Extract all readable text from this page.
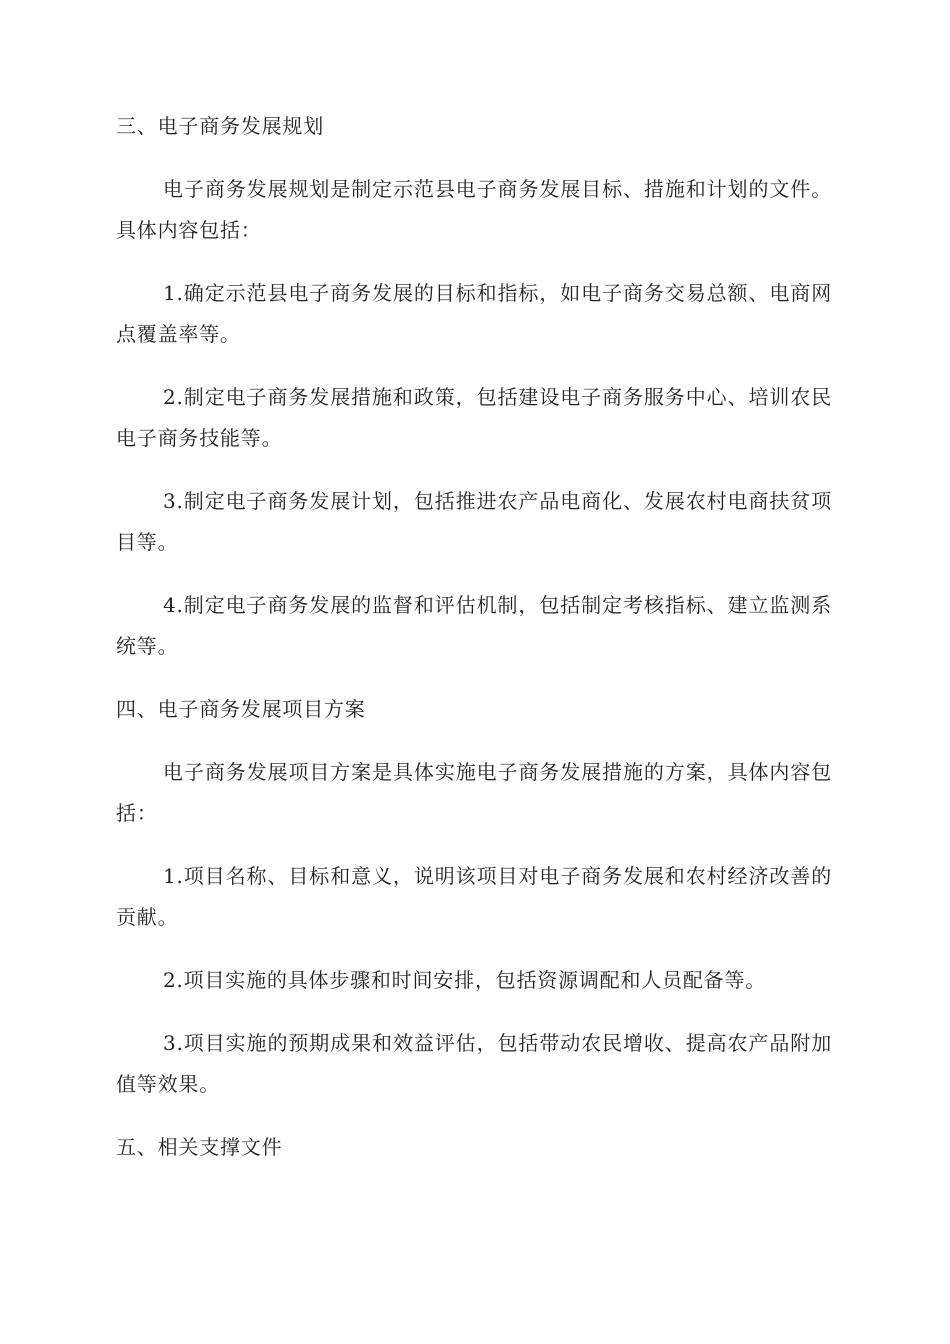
三、电子商务发展规划
电子商务发展规划是制定示范县电子商务发展目标、措施和计划的文件。具体内容包括：
1.确定示范县电子商务发展的目标和指标，如电子商务交易总额、电商网点覆盖率等。
2.制定电子商务发展措施和政策，包括建设电子商务服务中心、培训农民电子商务技能等。
3.制定电子商务发展计划，包括推进农产品电商化、发展农村电商扶贫项目等。
4.制定电子商务发展的监督和评估机制，包括制定考核指标、建立监测系统等。
四、电子商务发展项目方案
电子商务发展项目方案是具体实施电子商务发展措施的方案，具体内容包括：
1.项目名称、目标和意义，说明该项目对电子商务发展和农村经济改善的贡献。
2.项目实施的具体步骤和时间安排，包括资源调配和人员配备等。
3.项目实施的预期成果和效益评估，包括带动农民增收、提高农产品附加值等效果。
五、相关支撑文件
